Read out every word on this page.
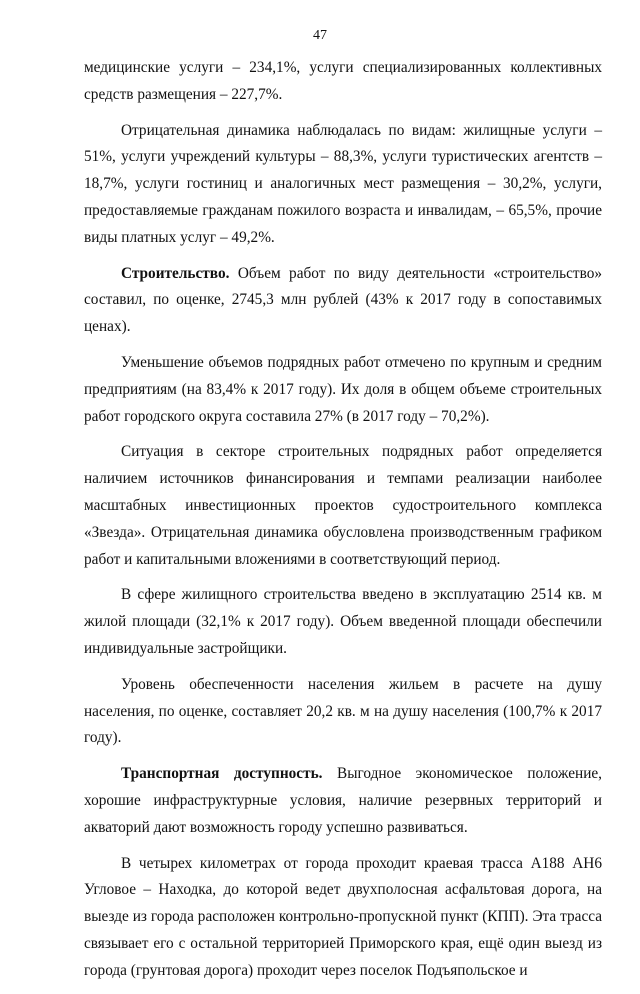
47

медицинские услуги – 234,1%, услуги специализированных коллективных средств размещения – 227,7%.

Отрицательная динамика наблюдалась по видам: жилищные услуги – 51%, услуги учреждений культуры – 88,3%, услуги туристических агентств – 18,7%, услуги гостиниц и аналогичных мест размещения – 30,2%, услуги, предоставляемые гражданам пожилого возраста и инвалидам, – 65,5%, прочие виды платных услуг – 49,2%.

Строительство. Объем работ по виду деятельности «строительство» составил, по оценке, 2745,3 млн рублей (43% к 2017 году в сопоставимых ценах).

Уменьшение объемов подрядных работ отмечено по крупным и средним предприятиям (на 83,4% к 2017 году). Их доля в общем объеме строительных работ городского округа составила 27% (в 2017 году – 70,2%).

Ситуация в секторе строительных подрядных работ определяется наличием источников финансирования и темпами реализации наиболее масштабных инвестиционных проектов судостроительного комплекса «Звезда». Отрицательная динамика обусловлена производственным графиком работ и капитальными вложениями в соответствующий период.

В сфере жилищного строительства введено в эксплуатацию 2514 кв. м жилой площади (32,1% к 2017 году). Объем введенной площади обеспечили индивидуальные застройщики.

Уровень обеспеченности населения жильем в расчете на душу населения, по оценке, составляет 20,2 кв. м на душу населения (100,7% к 2017 году).

Транспортная доступность. Выгодное экономическое положение, хорошие инфраструктурные условия, наличие резервных территорий и акваторий дают возможность городу успешно развиваться.

В четырех километрах от города проходит краевая трасса А188 АН6 Угловое – Находка, до которой ведет двухполосная асфальтовая дорога, на выезде из города расположен контрольно-пропускной пункт (КПП). Эта трасса связывает его с остальной территорией Приморского края, ещё один выезд из города (грунтовая дорога) проходит через поселок Подъяпольское и
